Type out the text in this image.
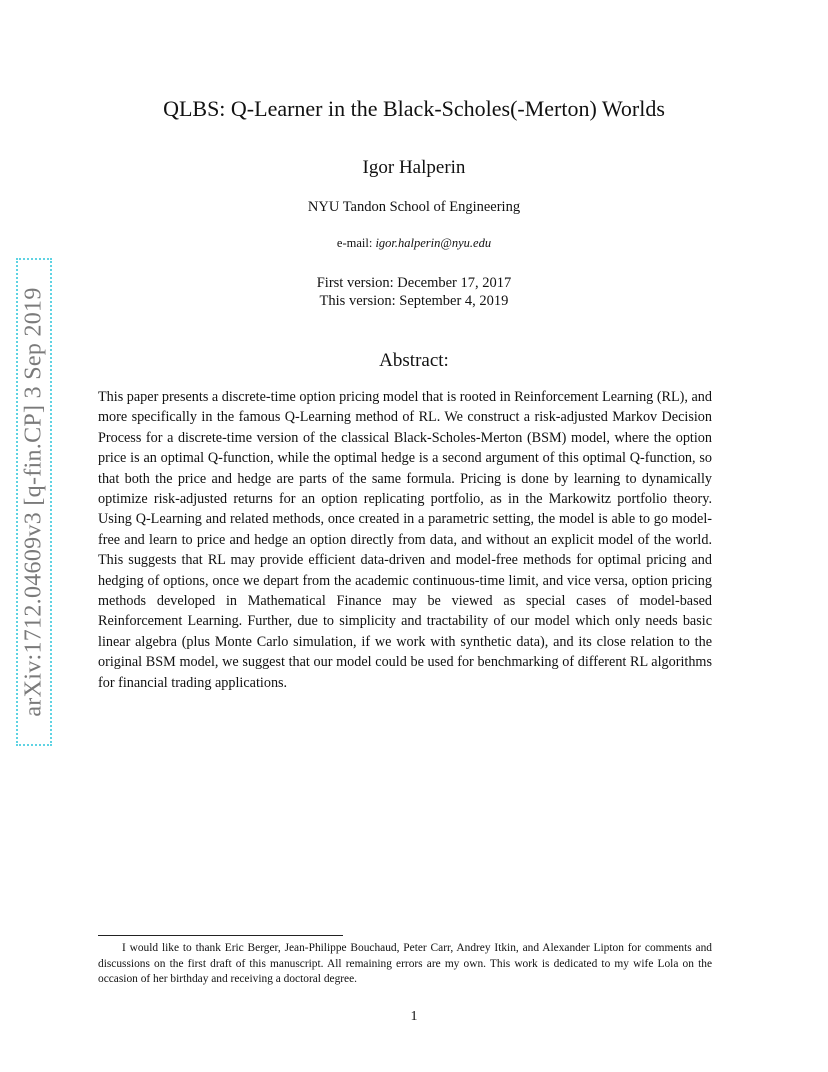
arXiv:1712.04609v3 [q-fin.CP] 3 Sep 2019
QLBS: Q-Learner in the Black-Scholes(-Merton) Worlds
Igor Halperin
NYU Tandon School of Engineering
e-mail: igor.halperin@nyu.edu
First version: December 17, 2017
This version: September 4, 2019
Abstract:
This paper presents a discrete-time option pricing model that is rooted in Reinforcement Learning (RL), and more specifically in the famous Q-Learning method of RL. We construct a risk-adjusted Markov Decision Process for a discrete-time version of the classical Black-Scholes-Merton (BSM) model, where the option price is an optimal Q-function, while the optimal hedge is a second argument of this optimal Q-function, so that both the price and hedge are parts of the same formula. Pricing is done by learning to dynamically optimize risk-adjusted returns for an option replicating portfolio, as in the Markowitz portfolio theory. Using Q-Learning and related methods, once created in a parametric setting, the model is able to go model-free and learn to price and hedge an option directly from data, and without an explicit model of the world. This suggests that RL may provide efficient data-driven and model-free methods for optimal pricing and hedging of options, once we depart from the academic continuous-time limit, and vice versa, option pricing methods developed in Mathematical Finance may be viewed as special cases of model-based Reinforcement Learning. Further, due to simplicity and tractability of our model which only needs basic linear algebra (plus Monte Carlo simulation, if we work with synthetic data), and its close relation to the original BSM model, we suggest that our model could be used for benchmarking of different RL algorithms for financial trading applications.
I would like to thank Eric Berger, Jean-Philippe Bouchaud, Peter Carr, Andrey Itkin, and Alexander Lipton for comments and discussions on the first draft of this manuscript. All remaining errors are my own. This work is dedicated to my wife Lola on the occasion of her birthday and receiving a doctoral degree.
1
